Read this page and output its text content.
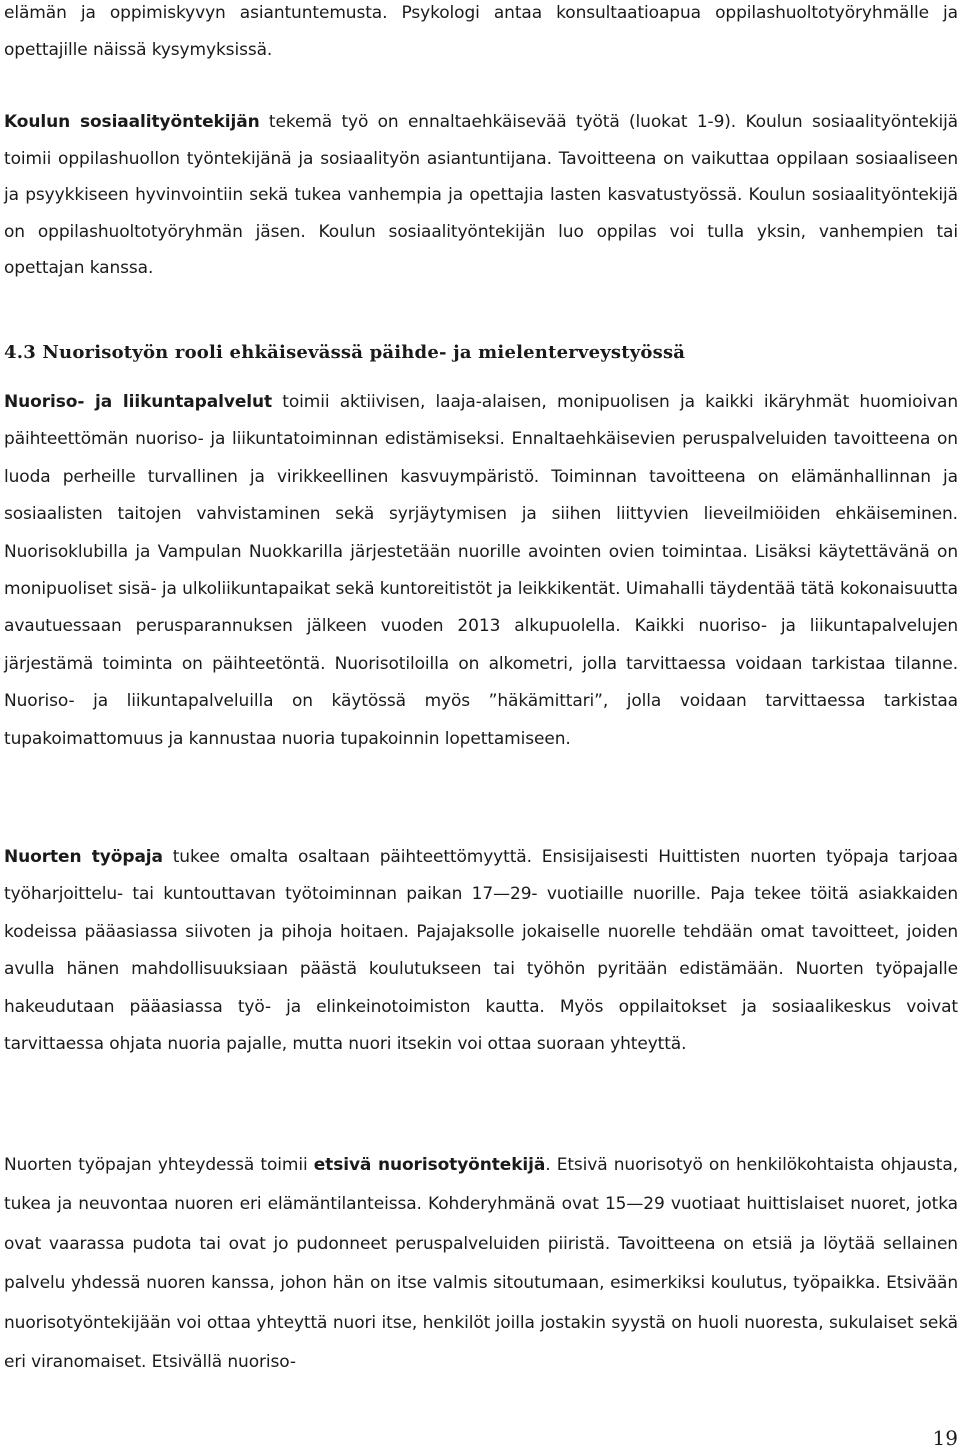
elämän ja oppimiskyvyn asiantuntemusta. Psykologi antaa konsultaatioapua oppilashuoltotyöryhmälle ja opettajille näissä kysymyksissä.

Koulun sosiaalityöntekijän tekemä työ on ennaltaehkäisevää työtä (luokat 1-9). Koulun sosiaalityöntekijä toimii oppilashuollon työntekijänä ja sosiaalityön asiantuntijana. Tavoitteena on vaikuttaa oppilaan sosiaaliseen ja psyykkiseen hyvinvointiin sekä tukea vanhempia ja opettajia lasten kasvatustyössä. Koulun sosiaalityöntekijä on oppilashuoltotyöryhmän jäsen. Koulun sosiaalityöntekijän luo oppilas voi tulla yksin, vanhempien tai opettajan kanssa.

4.3 Nuorisotyön rooli ehkäisevässä päihde- ja mielenterveystyössä

Nuoriso- ja liikuntapalvelut toimii aktiivisen, laaja-alaisen, monipuolisen ja kaikki ikäryhmät huomioivan päihteettömän nuoriso- ja liikuntatoiminnan edistämiseksi. Ennaltaehkäisevien peruspalveluiden tavoitteena on luoda perheille turvallinen ja virikkeellinen kasvuympäristö. Toiminnan tavoitteena on elämänhallinnan ja sosiaalisten taitojen vahvistaminen sekä syrjäytymisen ja siihen liittyvien lieveilmiöiden ehkäiseminen. Nuorisoklubilla ja Vampulan Nuokkarilla järjestetään nuorille avointen ovien toimintaa. Lisäksi käytettävänä on monipuoliset sisä- ja ulkoliikuntapaikat sekä kuntoreitistöt ja leikkikentät. Uimahalli täydentää tätä kokonaisuutta avautuessaan perusparannuksen jälkeen vuoden 2013 alkupuolella. Kaikki nuoriso- ja liikuntapalvelujen järjestämä toiminta on päihteetöntä. Nuorisotiloilla on alkometri, jolla tarvittaessa voidaan tarkistaa tilanne. Nuoriso- ja liikuntapalveluilla on käytössä myös ”häkämittari”, jolla voidaan tarvittaessa tarkistaa tupakoimattomuus ja kannustaa nuoria tupakoinnin lopettamiseen.

Nuorten työpaja tukee omalta osaltaan päihteettömyyttä. Ensisijaisesti Huittisten nuorten työpaja tarjoaa työharjoittelu- tai kuntouttavan työtoiminnan paikan 17—29- vuotiaille nuorille. Paja tekee töitä asiakkaiden kodeissa pääasiassa siivoten ja pihoja hoitaen. Pajajaksolle jokaiselle nuorelle tehdään omat tavoitteet, joiden avulla hänen mahdollisuuksiaan päästä koulutukseen tai työhön pyritään edistämään. Nuorten työpajalle hakeudutaan pääasiassa työ- ja elinkeinotoimiston kautta. Myös oppilaitokset ja sosiaalikeskus voivat tarvittaessa ohjata nuoria pajalle, mutta nuori itsekin voi ottaa suoraan yhteyttä.

Nuorten työpajan yhteydessä toimii etsivä nuorisotyöntekijä. Etsivä nuorisotyö on henkilökohtaista ohjausta, tukea ja neuvontaa nuoren eri elämäntilanteissa. Kohderyhmänä ovat 15—29 vuotiaat huittislaiset nuoret, jotka ovat vaarassa pudota tai ovat jo pudonneet peruspalveluiden piiristä. Tavoitteena on etsiä ja löytää sellainen palvelu yhdessä nuoren kanssa, johon hän on itse valmis sitoutumaan, esimerkiksi koulutus, työpaikka. Etsivään nuorisotyöntekijään voi ottaa yhteyttä nuori itse, henkilöt joilla jostakin syystä on huoli nuoresta, sukulaiset sekä eri viranomaiset. Etsivällä nuoriso-

19
